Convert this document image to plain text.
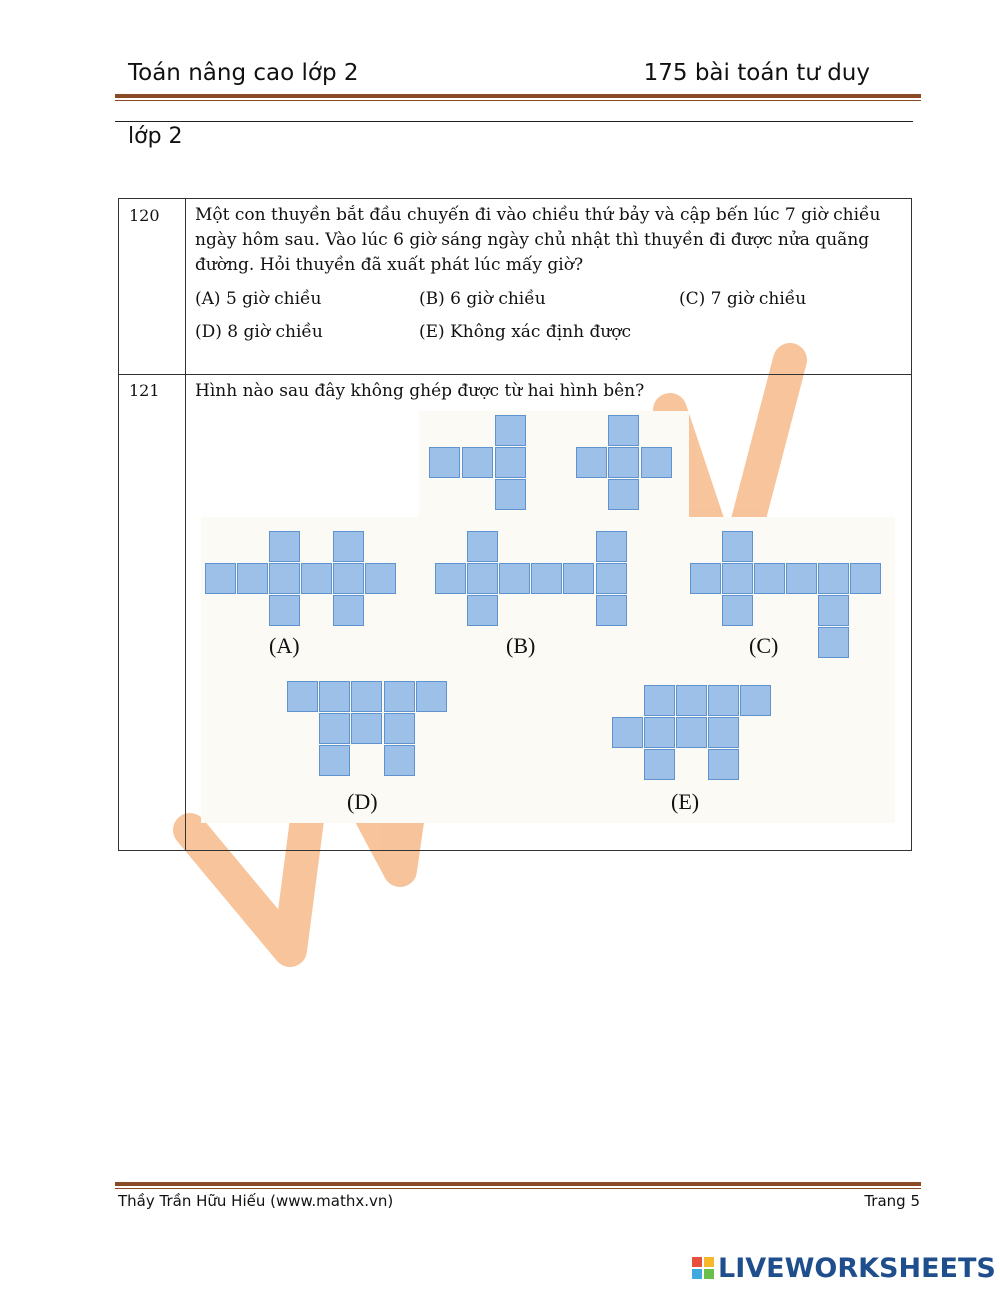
Toán nâng cao lớp 2	175 bài toán tư duy
lớp 2
120 Một con thuyền bắt đầu chuyến đi vào chiều thứ bảy và cập bến lúc 7 giờ chiều ngày hôm sau. Vào lúc 6 giờ sáng ngày chủ nhật thì thuyền đi được nửa quãng đường. Hỏi thuyền đã xuất phát lúc mấy giờ?
(A) 5 giờ chiều	(B) 6 giờ chiều	(C) 7 giờ chiều
(D) 8 giờ chiều	(E) Không xác định được
121 Hình nào sau đây không ghép được từ hai hình bên?
(A)	(B)	(C)
(D)	(E)
Thầy Trần Hữu Hiếu (www.mathx.vn)	Trang 5
LIVEWORKSHEETS
